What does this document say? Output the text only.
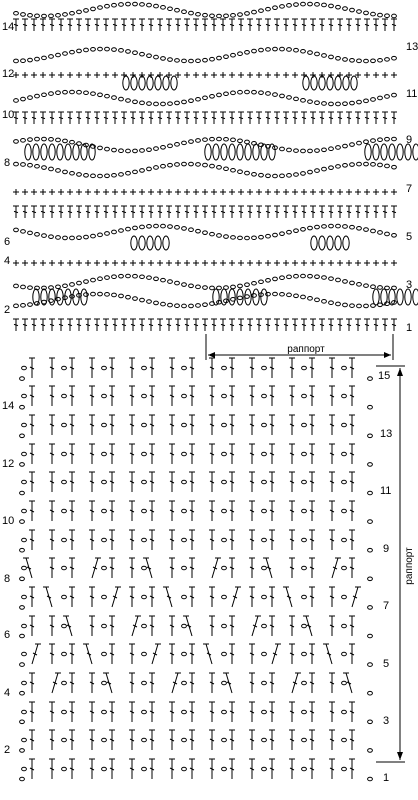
14
12
10
8
6
4
2
13
11
9
7
5
3
1
раппорт
14
12
10
8
6
4
2
15
13
11
9
7
5
3
1
раппорт
